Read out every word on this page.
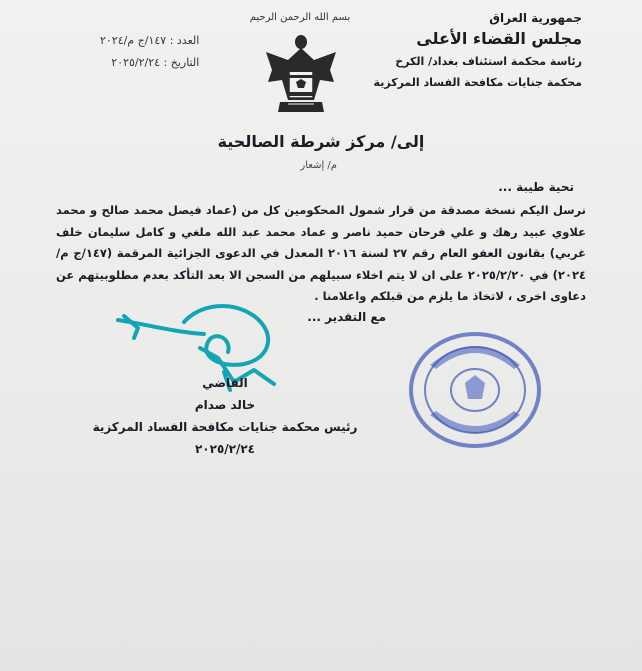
بسم الله الرحمن الرحيم	جمهورية العراق
مجلس القضاء الأعلى
رئاسة محكمة استئناف بغداد/ الكرخ
محكمة جنايات مكافحة الفساد المركزية
العدد : ١٤٧/ج م/٢٠٢٤
التاريخ : ٢٠٢٥/٢/٢٤
إلى/ مركز شرطة الصالحية
م/ إشعار
تحية طيبة ...
نرسل اليكم نسخة مصدقة من قرار شمول المحكومين كل من (عماد فيصل محمد صالح و محمد علاوي عبيد رهك و علي فرحان حميد ناصر و عماد محمد عبد الله ملغي و كامل سليمان خلف غربي) بقانون العفو العام رقم ٢٧ لسنة ٢٠١٦ المعدل في الدعوى الجزائية المرقمة (١٤٧/ج م/٢٠٢٤) في ٢٠٢٥/٢/٢٠ على ان لا يتم اخلاء سبيلهم من السجن الا بعد التأكد بعدم مطلوبيتهم عن دعاوى اخرى ، لاتخاذ ما يلزم من قبلكم واعلامنا .
مع التقدير ...
القاضي
خالد صدام
رئيس محكمة جنايات مكافحة الفساد المركزية
٢٠٢٥/٢/٢٤
